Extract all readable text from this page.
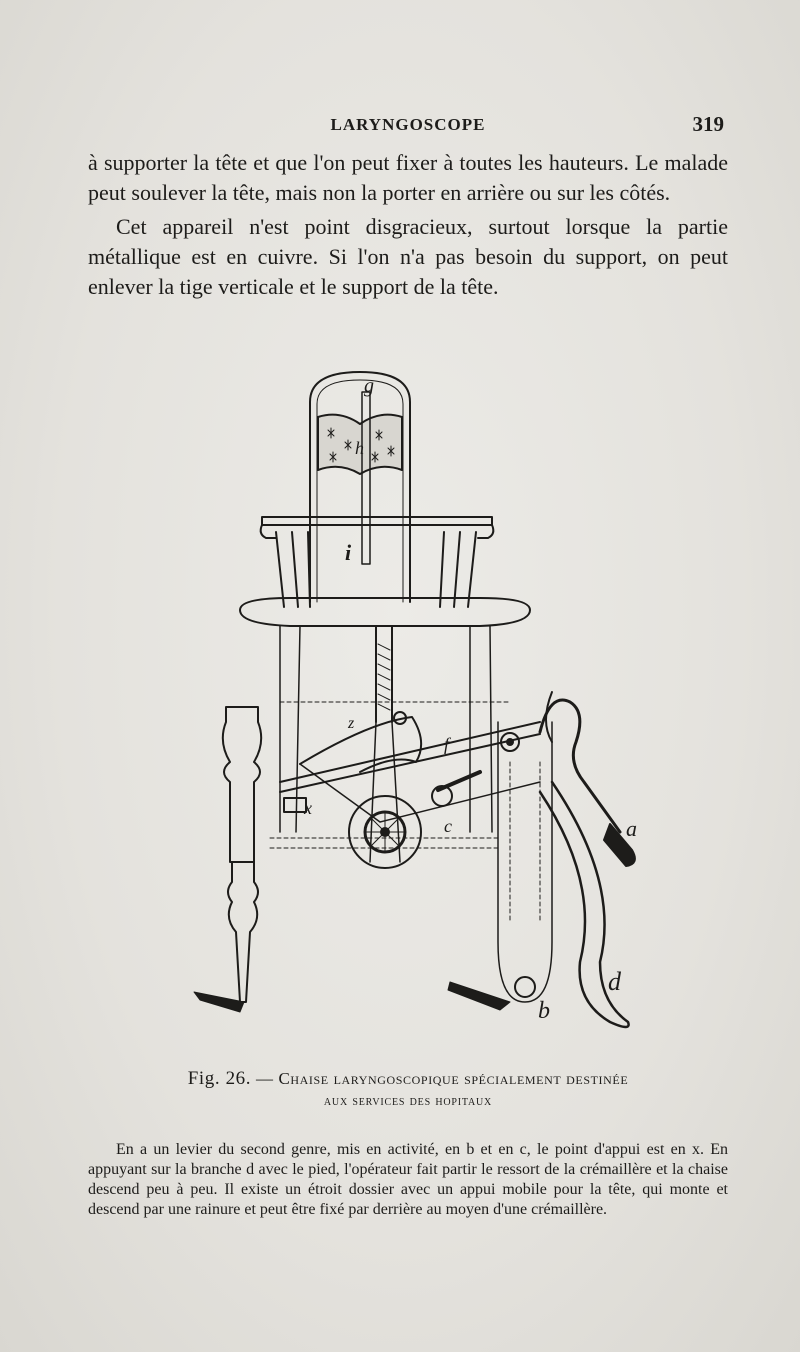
LARYNGOSCOPE	319

à supporter la tête et que l'on peut fixer à toutes les hauteurs. Le malade peut soulever la tête, mais non la porter en arrière ou sur les côtés.

Cet appareil n'est point disgracieux, surtout lorsque la partie métallique est en cuivre. Si l'on n'a pas besoin du support, on peut enlever la tige verticale et le support de la tête.

g
h
i
z
f
x
c	a
d
b
Fig. 26. — Chaise laryngoscopique spécialement destinée
aux services des hopitaux
En a un levier du second genre, mis en activité, en b et en c, le point d'appui est en x. En appuyant sur la branche d avec le pied, l'opérateur fait partir le ressort de la crémaillère et la chaise descend peu à peu. Il existe un étroit dossier avec un appui mobile pour la tête, qui monte et descend par une rainure et peut être fixé par derrière au moyen d'une crémaillère.
